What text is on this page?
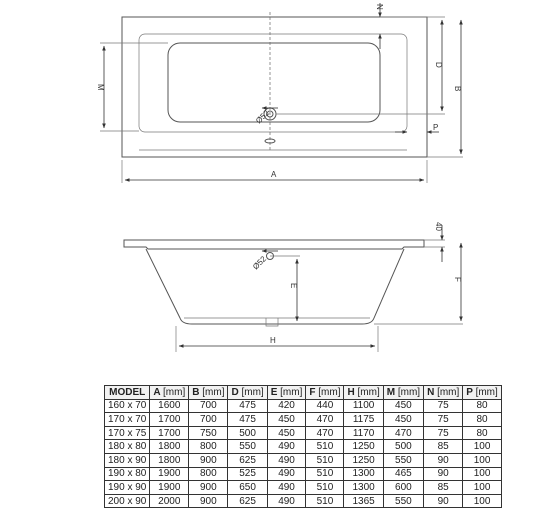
Ø52
N
D
B
M
P
A
Ø52
E
40
F
H
MODEL	A [mm]	B [mm]	D [mm]	E [mm]	F [mm]	H [mm]	M [mm]	N [mm]	P [mm]
160 x 70	1600	700	475	420	440	1100	450	75	80
170 x 70	1700	700	475	450	470	1175	450	75	80
170 x 75	1700	750	500	450	470	1170	470	75	80
180 x 80	1800	800	550	490	510	1250	500	85	100
180 x 90	1800	900	625	490	510	1250	550	90	100
190 x 80	1900	800	525	490	510	1300	465	90	100
190 x 90	1900	900	650	490	510	1300	600	85	100
200 x 90	2000	900	625	490	510	1365	550	90	100
